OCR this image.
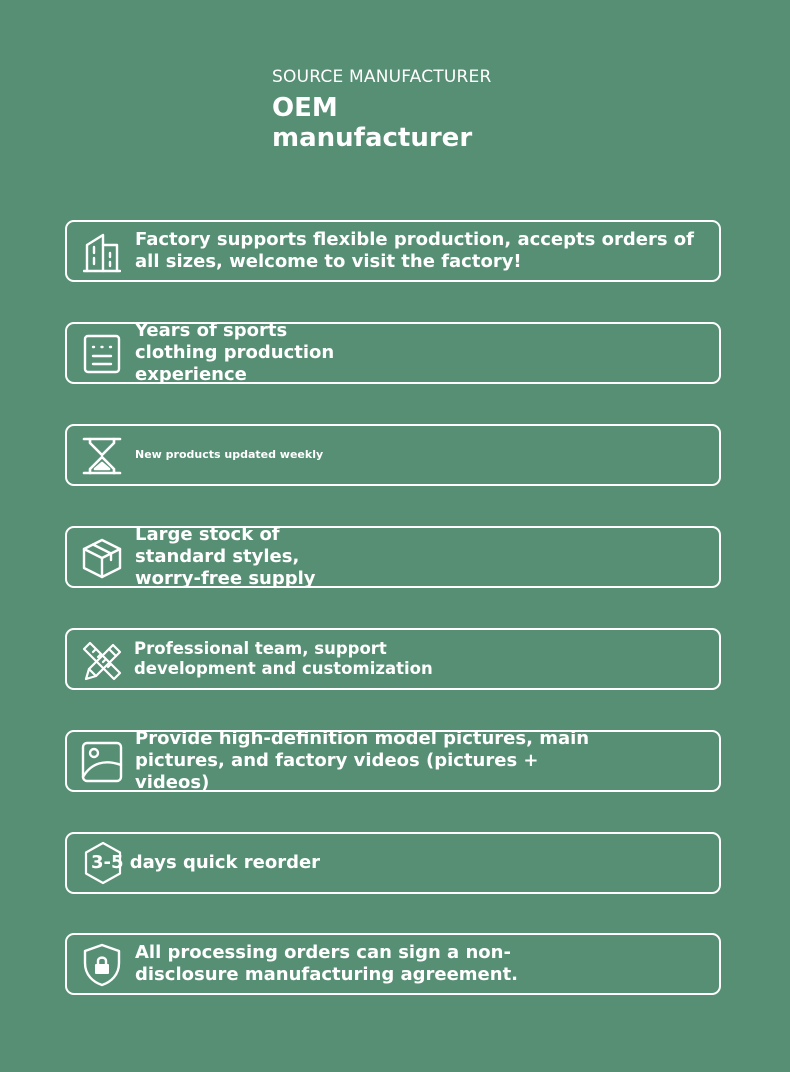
SOURCE MANUFACTURER
OEM
manufacturer
Factory supports flexible production, accepts orders of all sizes, welcome to visit the factory!
Years of sports clothing production experience
New products updated weekly
Large stock of standard styles, worry-free supply
Professional team, support development and customization
Provide high-definition model pictures, main pictures, and factory videos (pictures + videos)
3-5 days quick reorder
All processing orders can sign a non-disclosure manufacturing agreement.
